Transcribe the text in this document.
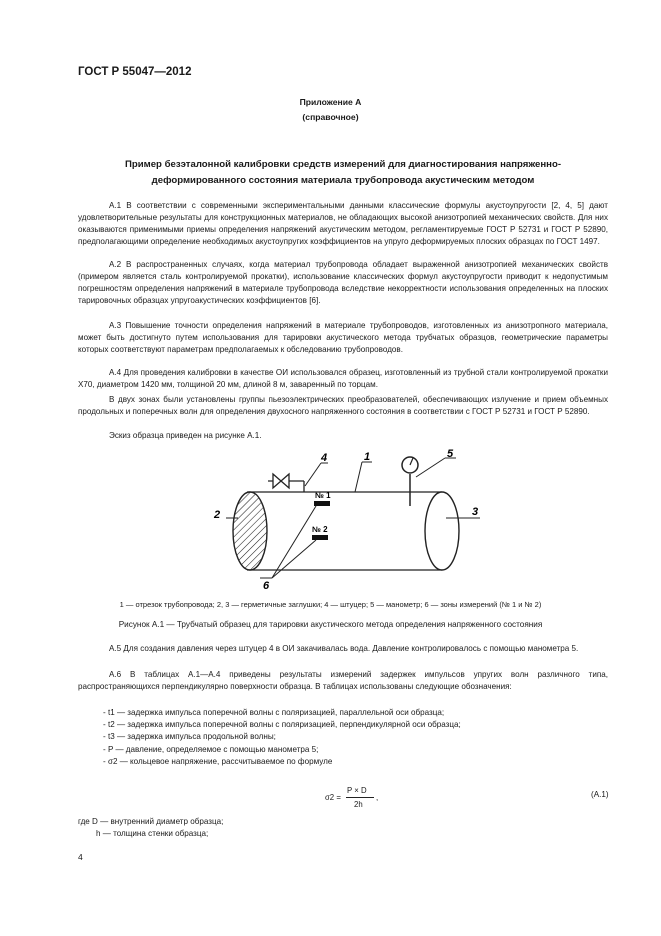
ГОСТ Р 55047—2012
Приложение А
(справочное)
Пример безэталонной калибровки средств измерений для диагностирования напряженно-деформированного состояния материала трубопровода акустическим методом

А.1 В соответствии с современными экспериментальными данными классические формулы акустоупругости [2, 4, 5] дают удовлетворительные результаты для конструкционных материалов, не обладающих высокой анизотропией механических свойств. Для них оказываются применимыми приемы определения напряжений акустическим методом, регламентируемые ГОСТ Р 52731 и ГОСТ Р 52890, предполагающими определение необходимых акустоупругих коэффициентов на упруго деформируемых плоских образцах по ГОСТ 1497.

А.2 В распространенных случаях, когда материал трубопровода обладает выраженной анизотропией механических свойств (примером является сталь контролируемой прокатки), использование классических формул акустоупругости приводит к недопустимым погрешностям определения напряжений в материале трубопровода вследствие некорректности использования определенных на плоских тарировочных образцах упругоакустических коэффициентов [6].

А.3 Повышение точности определения напряжений в материале трубопроводов, изготовленных из анизотропного материала, может быть достигнуто путем использования для тарировки акустического метода трубчатых образцов, геометрические параметры которых соответствуют параметрам предполагаемых к обследованию трубопроводов.

А.4 Для проведения калибровки в качестве ОИ использовался образец, изготовленный из трубной стали контролируемой прокатки Х70, диаметром 1420 мм, толщиной 20 мм, длиной 8 м, заваренный по торцам.

В двух зонах были установлены группы пьезоэлектрических преобразователей, обеспечивающих излучение и прием объемных продольных и поперечных волн для определения двухосного напряженного состояния в соответствии с ГОСТ Р 52731 и ГОСТ Р 52890.

Эскиз образца приведен на рисунке А.1.

№ 1
№ 2
1
2	3
4	5
6
1 — отрезок трубопровода; 2, 3 — герметичные заглушки; 4 — штуцер; 5 — манометр; 6 — зоны измерений (№ 1 и № 2)
Рисунок А.1 — Трубчатый образец для тарировки акустического метода определения напряженного состояния

А.5 Для создания давления через штуцер 4 в ОИ закачивалась вода. Давление контролировалось с помощью манометра 5.

А.6 В таблицах А.1—А.4 приведены результаты измерений задержек импульсов упругих волн различного типа, распространяющихся перпендикулярно поверхности образца. В таблицах использованы следующие обозначения:

- t1 — задержка импульса поперечной волны с поляризацией, параллельной оси образца;
- t2 — задержка импульса поперечной волны с поляризацией, перпендикулярной оси образца;
- t3 — задержка импульса продольной волны;
- P — давление, определяемое с помощью манометра 5;
- σ2 — кольцевое напряжение, рассчитываемое по формуле
σ2 =
P × D
2h
,	(А.1)
где D — внутренний диаметр образца;
h — толщина стенки образца;
4
